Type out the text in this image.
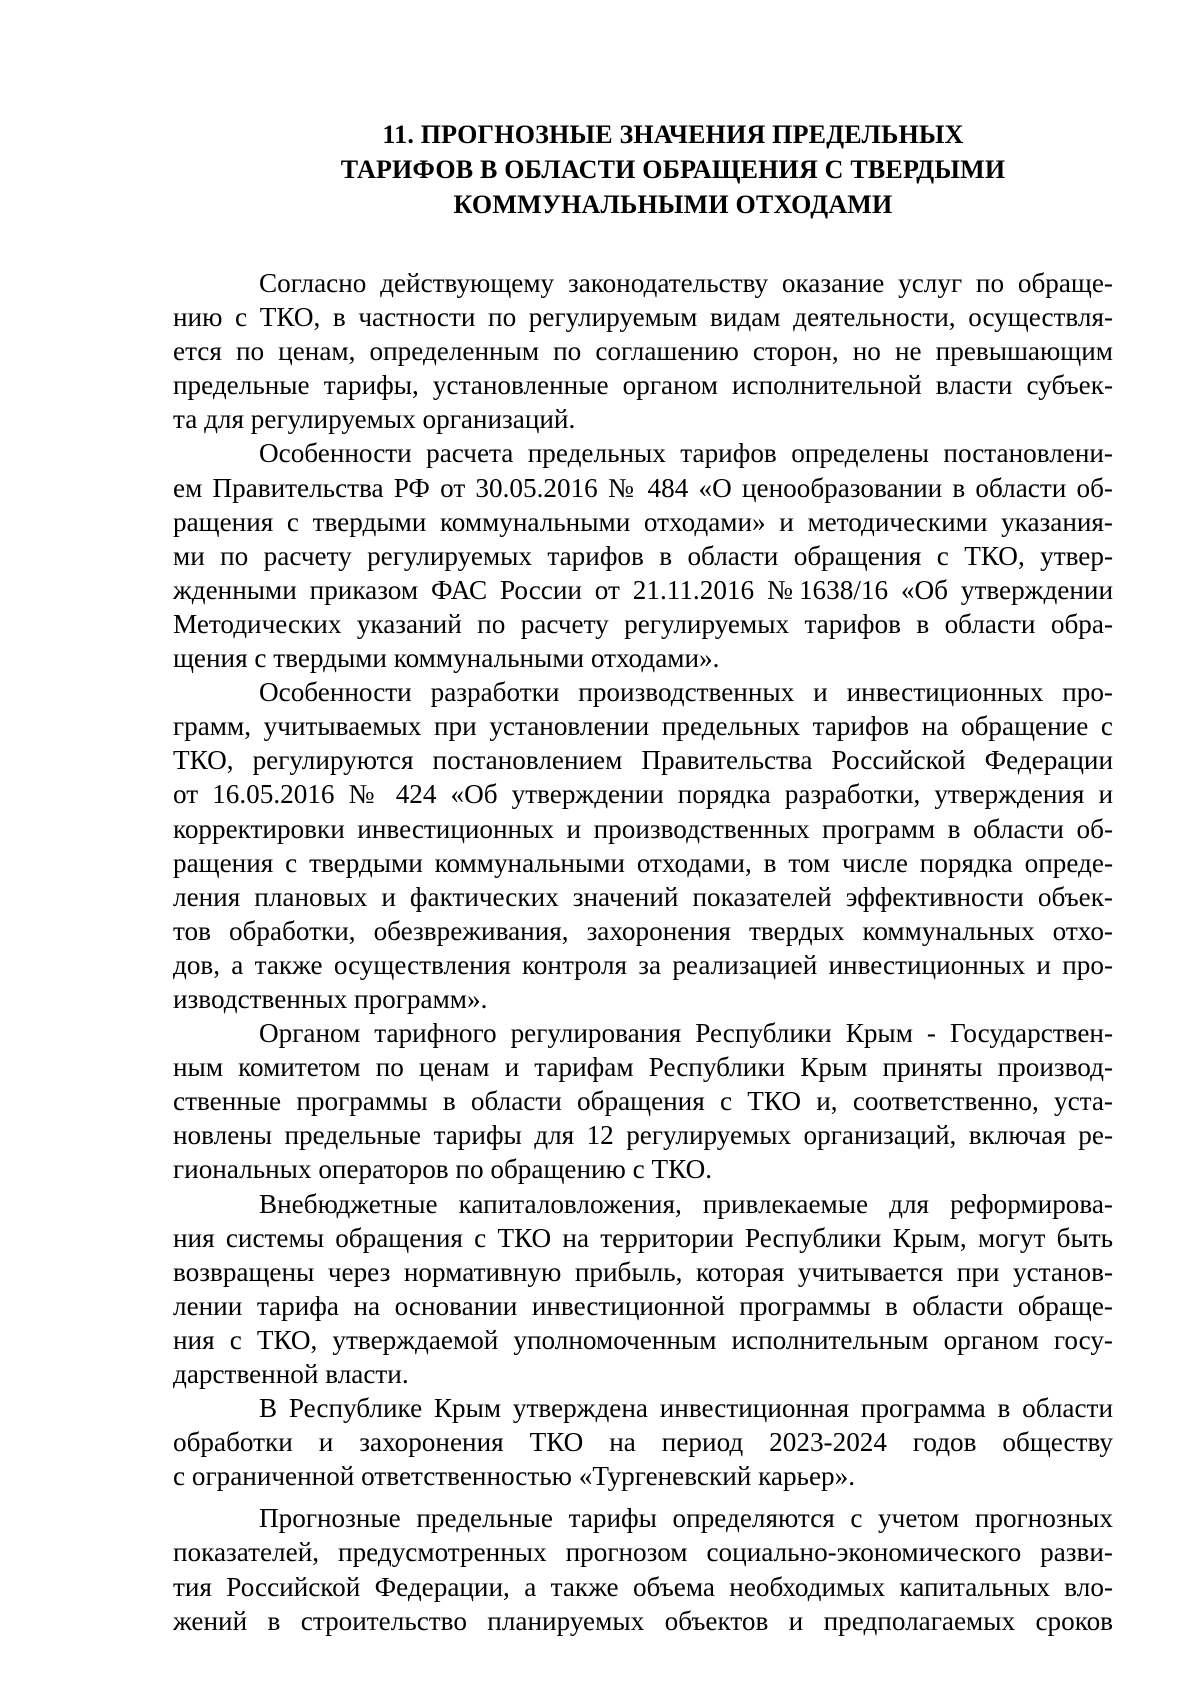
11. ПРОГНОЗНЫЕ ЗНАЧЕНИЯ ПРЕДЕЛЬНЫХ
ТАРИФОВ В ОБЛАСТИ ОБРАЩЕНИЯ С ТВЕРДЫМИ
КОММУНАЛЬНЫМИ ОТХОДАМИ
Согласно действующему законодательству оказание услуг по обраще-
нию с ТКО, в частности по регулируемым видам деятельности, осуществля-
ется по ценам, определенным по соглашению сторон, но не превышающим
предельные тарифы, установленные органом исполнительной власти субъек-
та для регулируемых организаций.
Особенности расчета предельных тарифов определены постановлени-
ем Правительства РФ от 30.05.2016 № 484 «О ценообразовании в области об-
ращения с твердыми коммунальными отходами» и методическими указания-
ми по расчету регулируемых тарифов в области обращения с ТКО, утвер-
жденными приказом ФАС России от 21.11.2016 №1638/16 «Об утверждении
Методических указаний по расчету регулируемых тарифов в области обра-
щения с твердыми коммунальными отходами».
Особенности разработки производственных и инвестиционных про-
грамм, учитываемых при установлении предельных тарифов на обращение с
ТКО, регулируются постановлением Правительства Российской Федерации
от 16.05.2016 № 424 «Об утверждении порядка разработки, утверждения и
корректировки инвестиционных и производственных программ в области об-
ращения с твердыми коммунальными отходами, в том числе порядка опреде-
ления плановых и фактических значений показателей эффективности объек-
тов обработки, обезвреживания, захоронения твердых коммунальных отхо-
дов, а также осуществления контроля за реализацией инвестиционных и про-
изводственных программ».
Органом тарифного регулирования Республики Крым - Государствен-
ным комитетом по ценам и тарифам Республики Крым приняты производ-
ственные программы в области обращения с ТКО и, соответственно, уста-
новлены предельные тарифы для 12 регулируемых организаций, включая ре-
гиональных операторов по обращению с ТКО.
Внебюджетные капиталовложения, привлекаемые для реформирова-
ния системы обращения с ТКО на территории Республики Крым, могут быть
возвращены через нормативную прибыль, которая учитывается при установ-
лении тарифа на основании инвестиционной программы в области обраще-
ния с ТКО, утверждаемой уполномоченным исполнительным органом госу-
дарственной власти.
В Республике Крым утверждена инвестиционная программа в области
обработки и захоронения ТКО на период 2023-2024 годов обществу
с ограниченной ответственностью «Тургеневский карьер».
Прогнозные предельные тарифы определяются с учетом прогнозных
показателей, предусмотренных прогнозом социально-экономического разви-
тия Российской Федерации, а также объема необходимых капитальных вло-
жений в строительство планируемых объектов и предполагаемых сроков
